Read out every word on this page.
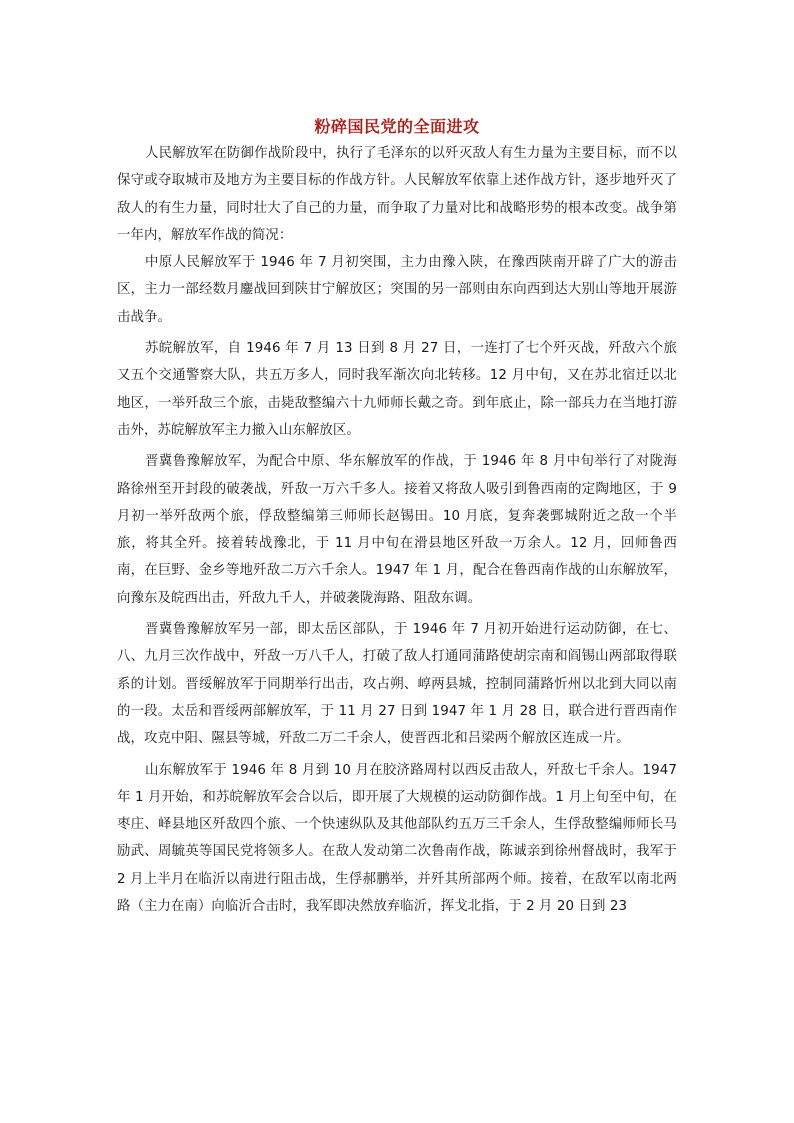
粉碎国民党的全面进攻

人民解放军在防御作战阶段中，执行了毛泽东的以歼灭敌人有生力量为主要目标，而不以保守或夺取城市及地方为主要目标的作战方针。人民解放军依靠上述作战方针，逐步地歼灭了敌人的有生力量，同时壮大了自己的力量，而争取了力量对比和战略形势的根本改变。战争第一年内，解放军作战的简况：

中原人民解放军于 1946 年 7 月初突围，主力由豫入陕，在豫西陕南开辟了广大的游击区，主力一部经数月鏖战回到陕甘宁解放区；突围的另一部则由东向西到达大别山等地开展游击战争。

苏皖解放军，自 1946 年 7 月 13 日到 8 月 27 日，一连打了七个歼灭战，歼敌六个旅又五个交通警察大队，共五万多人，同时我军渐次向北转移。12 月中旬，又在苏北宿迁以北地区，一举歼敌三个旅，击毙敌整编六十九师师长戴之奇。到年底止，除一部兵力在当地打游击外，苏皖解放军主力撤入山东解放区。

晋冀鲁豫解放军，为配合中原、华东解放军的作战，于 1946 年 8 月中旬举行了对陇海路徐州至开封段的破袭战，歼敌一万六千多人。接着又将敌人吸引到鲁西南的定陶地区，于 9 月初一举歼敌两个旅，俘敌整编第三师师长赵锡田。10 月底，复奔袭鄄城附近之敌一个半旅，将其全歼。接着转战豫北，于 11 月中旬在滑县地区歼敌一万余人。12 月，回师鲁西南，在巨野、金乡等地歼敌二万六千余人。1947 年 1 月，配合在鲁西南作战的山东解放军，向豫东及皖西出击，歼敌九千人，并破袭陇海路、阻敌东调。

晋冀鲁豫解放军另一部，即太岳区部队，于 1946 年 7 月初开始进行运动防御，在七、八、九月三次作战中，歼敌一万八千人，打破了敌人打通同蒲路使胡宗南和阎锡山两部取得联系的计划。晋绥解放军于同期举行出击，攻占朔、崞两县城，控制同蒲路忻州以北到大同以南的一段。太岳和晋绥两部解放军，于 11 月 27 日到 1947 年 1 月 28 日，联合进行晋西南作战，攻克中阳、隰县等城，歼敌二万二千余人，使晋西北和吕梁两个解放区连成一片。

山东解放军于 1946 年 8 月到 10 月在胶济路周村以西反击敌人，歼敌七千余人。1947 年 1 月开始，和苏皖解放军会合以后，即开展了大规模的运动防御作战。1 月上旬至中旬，在枣庄、峄县地区歼敌四个旅、一个快速纵队及其他部队约五万三千余人，生俘敌整编师师长马励武、周毓英等国民党将领多人。在敌人发动第二次鲁南作战，陈诚亲到徐州督战时，我军于 2 月上半月在临沂以南进行阻击战，生俘郝鹏举，并歼其所部两个师。接着，在敌军以南北两路（主力在南）向临沂合击时，我军即决然放弃临沂，挥戈北指，于 2 月 20 日到 23
